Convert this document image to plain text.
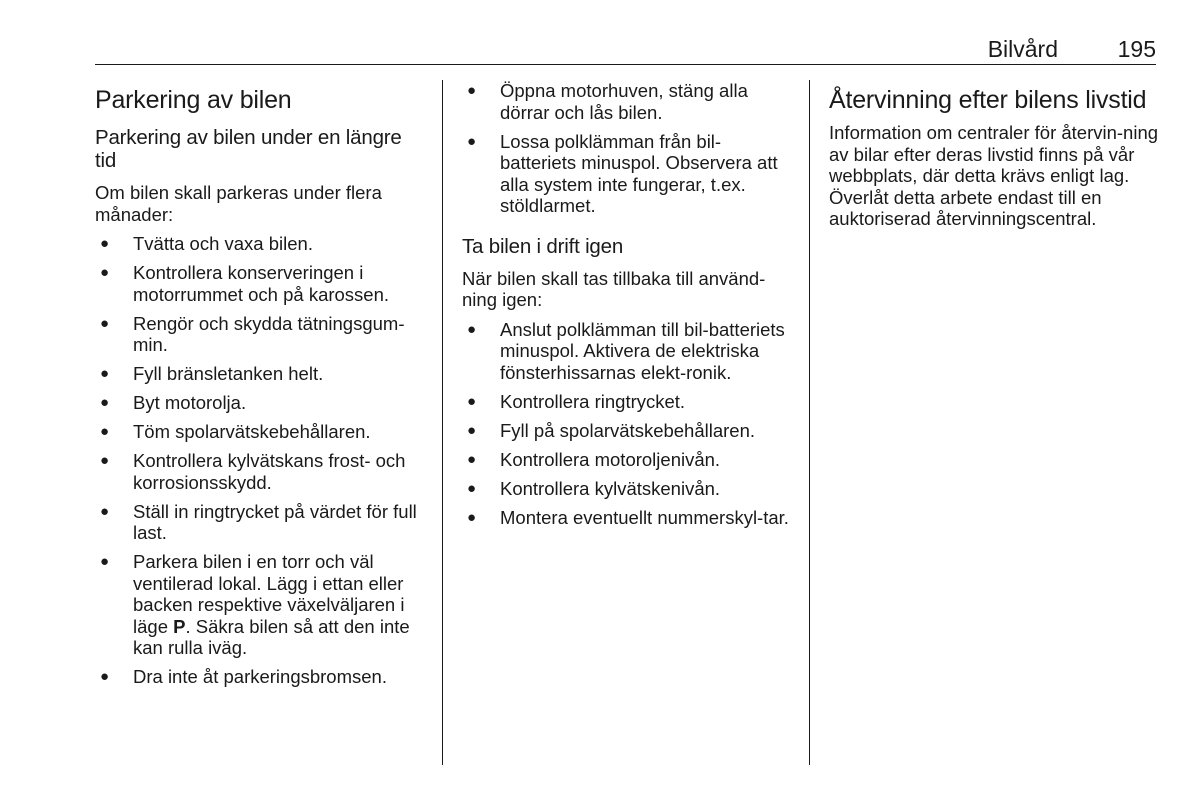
Bilvård	195
Parkering av bilen
Parkering av bilen under en längre tid

Om bilen skall parkeras under flera månader:

● Tvätta och vaxa bilen.
● Kontrollera konserveringen i motorrummet och på karossen.
● Rengör och skydda tätningsgum-min.
● Fyll bränsletanken helt.
● Byt motorolja.
● Töm spolarvätskebehållaren.
● Kontrollera kylvätskans frost- och korrosionsskydd.
● Ställ in ringtrycket på värdet för full last.
● Parkera bilen i en torr och väl ventilerad lokal. Lägg i ettan eller backen respektive växelväljaren i läge P. Säkra bilen så att den inte kan rulla iväg.
● Dra inte åt parkeringsbromsen.
● Öppna motorhuven, stäng alla dörrar och lås bilen.
● Lossa polklämman från bil-batteriets minuspol. Observera att alla system inte fungerar, t.ex. stöldlarmet.
Ta bilen i drift igen

När bilen skall tas tillbaka till använd-ning igen:

● Anslut polklämman till bil-batteriets minuspol. Aktivera de elektriska fönsterhissarnas elekt-ronik.
● Kontrollera ringtrycket.
● Fyll på spolarvätskebehållaren.
● Kontrollera motoroljenivån.
● Kontrollera kylvätskenivån.
● Montera eventuellt nummerskyl-tar.
Återvinning efter bilens livstid

Information om centraler för återvin-ning av bilar efter deras livstid finns på vår webbplats, där detta krävs enligt lag. Överlåt detta arbete endast till en auktoriserad återvinningscentral.
